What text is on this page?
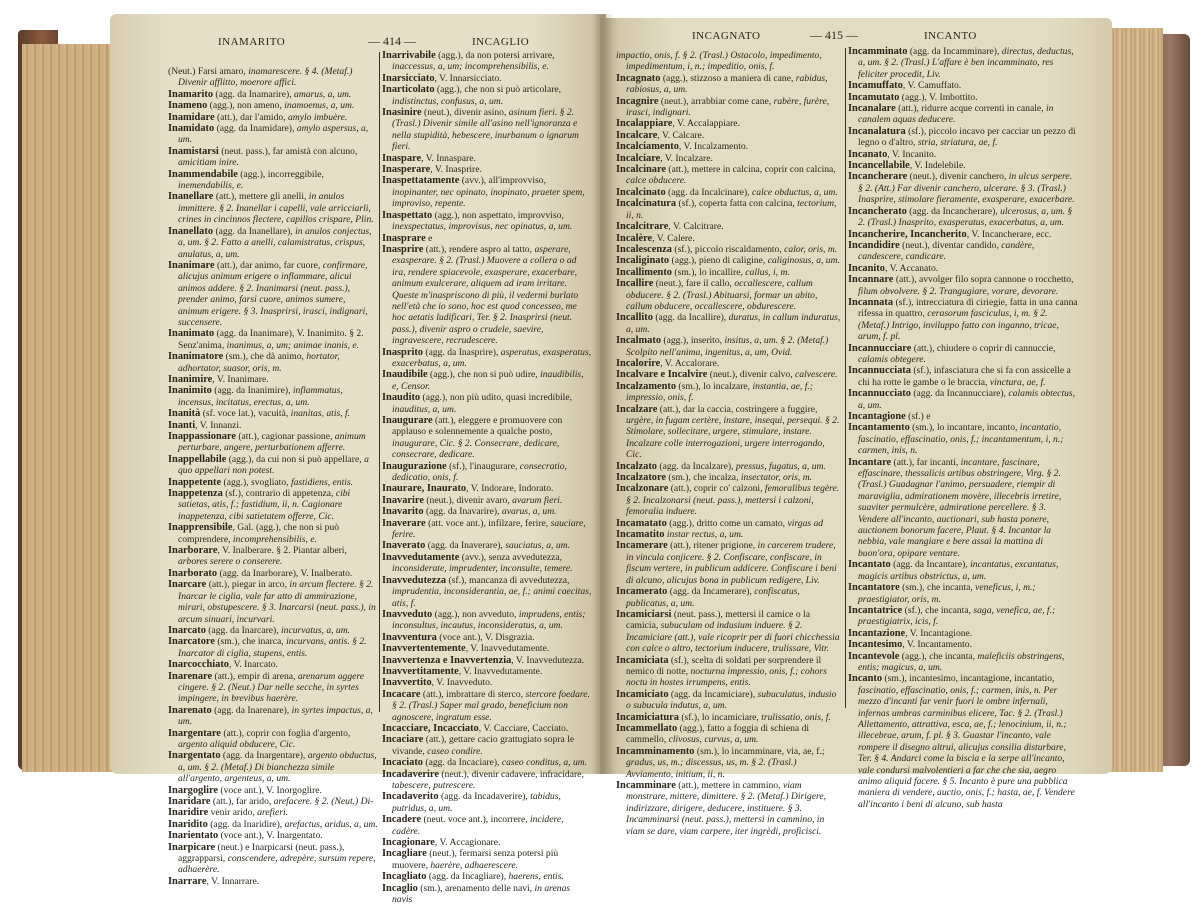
INAMARITO	— 414 —	INCAGLIO	INCAGNATO	— 415 —	INCANTO

(Neut.) Farsi amaro, inamarescere. § 4. (Metaf.) Divenir afflitto, moerore affici.

Inamarito (agg. da Inamarire), amarus, a, um.

Inameno (agg.), non ameno, inamoenus, a, um.

Inamidare (att.), dar l'amido, amylo imbuère.

Inamidato (agg. da Inamidare), amylo aspersus, a, um.

Inamistarsi (neut. pass.), far amistà con alcuno, amicitiam inire.

Inammendabile (agg.), incorreggibile, inemendabilis, e.

Inanellare (att.), mettere gli anelli, in anulos immittere. § 2. Inanellar i capelli, vale arricciarli, crines in cincinnos flectere, capillos crispare, Plin.

Inanellato (agg. da Inanellare), in anulos conjectus, a, um. § 2. Fatto a anelli, calamistratus, crispus, anulatus, a, um.

Inanimare (att.), dar animo, far cuore, confirmare, alicujus animum erigere o inflammare, alicui animos addere. § 2. Inanimarsi (neut. pass.), prender animo, farsi cuore, animos sumere, animum erigere. § 3. Inasprirsi, irasci, indignari, succensere.

Inanimato (agg. da Inanimare), V. Inanimito. § 2. Senz'anima, inanimus, a, um; animae inanis, e.

Inanimatore (sm.), che dà animo, hortator, adhortator, suasor, oris, m.

Inanimire, V. Inanimare.

Inanimito (agg. da Inanimire), inflammatus, incensus, incitatus, erectus, a, um.

Inanità (sf. voce lat.), vacuità, inanitas, atis, f.

Inanti, V. Innanzi.

Inappassionare (att.), cagionar passione, animum perturbare, angere, perturbationem afferre.

Inappellabile (agg.), da cui non si può appellare, a quo appellari non potest.

Inappetente (agg.), svogliato, fastidiens, entis.

Inappetenza (sf.), contrario di appetenza, cibi satietas, atis, f.; fastidium, ii, n. Cagionare inappetenza, cibi satietatem offerre, Cic.

Inapprensibile, Gal. (agg.), che non si può comprendere, incomprehensibilis, e.

Inarborare, V. Inalberare. § 2. Piantar alberi, arbores serere o conserere.

Inarborato (agg. da Inarborare), V. Inalberato.

Inarcare (att.), piegar in arco, in arcum flectere. § 2. Inarcar le ciglia, vale far atto di ammirazione, mirari, obstupescere. § 3. Inarcarsi (neut. pass.), in arcum sinuari, incurvari.

Inarcato (agg. da Inarcare), incurvatus, a, um.

Inarcatore (sm.), che inarca, incurvans, antis. § 2. Inarcator di ciglia, stupens, entis.

Inarcocchiato, V. Inarcato.

Inarenare (att.), empir di arena, arenarum aggere cingere. § 2. (Neut.) Dar nelle secche, in syrtes impingere, in brevibus haerère.

Inarenato (agg. da Inarenare), in syrtes impactus, a, um.

Inargentare (att.), coprir con foglia d'argento, argento aliquid obducere, Cic.

Inargentato (agg. da Inargentare), argento obductus, a, um. § 2. (Metaf.) Di bianchezza simile all'argento, argenteus, a, um.

Inargoglire (voce ant.), V. Inorgoglire.

Inaridare (att.), far arido, arefacere. § 2. (Neut.) Di-

Inaridire venir arido, arefieri.

Inaridito (agg. da Inaridire), arefactus, aridus, a, um.

Inarientato (voce ant.), V. Inargentato.

Inarpicare (neut.) e Inarpicarsi (neut. pass.), aggrapparsi, conscendere, adrepère, sursum repere, adhaerère.

Inarrare, V. Innarrare.

Inarrivabile (agg.), da non potersi arrivare, inaccessus, a, um; incomprehensibilis, e.

Inarsicciato, V. Innarsicciato.

Inarticolato (agg.), che non si può articolare, indistinctus, confusus, a, um.

Inasinire (neut.), divenir asino, asinum fieri. § 2. (Trasl.) Divenir simile all'asino nell'ignoranza e nella stupidità, hebescere, inurbanum o ignarum fieri.

Inaspare, V. Innaspare.

Inasperare, V. Inasprire.

Inaspettatamente (avv.), all'improvviso, inopinanter, nec opinato, inopinato, praeter spem, improviso, repente.

Inaspettato (agg.), non aspettato, improvviso, inexspectatus, improvisus, nec opinatus, a, um.

Inasprare e

Inasprire (att.), rendere aspro al tatto, asperare, exasperare. § 2. (Trasl.) Muovere a collera o ad ira, rendere spiacevole, exasperare, exacerbare, animum exulcerare, aliquem ad iram irritare. Queste m'inaspriscono di più, il vedermi burlato nell'età che io sono, hoc est quod concesseo, me hoc aetatis ludificari, Ter. § 2. Inasprirsi (neut. pass.), divenir aspro o crudele, saevire, ingravescere, recrudescere.

Inasprito (agg. da Inasprire), asperatus, exasperatus, exacerbatus, a, um.

Inaudibile (agg.), che non si può udire, inaudibilis, e, Censor.

Inaudito (agg.), non più udito, quasi incredibile, inauditus, a, um.

Inaugurare (att.), eleggere e promuovere con applauso e solennemente a qualche posto, inaugurare, Cic. § 2. Consecrare, dedicare, consecrare, dedicare.

Inaugurazione (sf.), l'inaugurare, consecratio, dedicatio, onis, f.

Inaurare, Inaurato, V. Indorare, Indorato.

Inavarire (neut.), divenir avaro, avarum fieri.

Inavarito (agg. da Inavarire), avarus, a, um.

Inaverare (att. voce ant.), infilzare, ferire, sauciare, ferire.

Inaverato (agg. da Inaverare), sauciatus, a, um.

Inavvedutamente (avv.), senza avvedutezza, inconsiderate, imprudenter, inconsulte, temere.

Inavvedutezza (sf.), mancanza di avvedutezza, imprudentia, inconsiderantia, ae, f.; animi caecitas, atis, f.

Inavveduto (agg.), non avveduto, imprudens, entis; inconsultus, incautus, inconsideratus, a, um.

Inavventura (voce ant.), V. Disgrazia.

Inavvertentemente, V. Inavvedutamente.

Inavvertenza e Inavvertenzia, V. Inavvedutezza.

Inavvertitamente, V. Inavvedutamente.

Inavvertito, V. Inavveduto.

Incacare (att.), imbrattare di sterco, stercore foedare. § 2. (Trasl.) Saper mal grado, beneficium non agnoscere, ingratum esse.

Incacciare, Incacciato, V. Cacciare, Cacciato.

Incaciare (att.), gettare cacio grattugiato sopra le vivande, caseo condire.

Incaciato (agg. da Incaciare), caseo conditus, a, um.

Incadaverire (neut.), divenir cadavere, infracidare, tabescere, putrescere.

Incadaverito (agg. da Incadaverire), tabidus, putridus, a, um.

Incadere (neut. voce ant.), incorrere, incidere, cadère.

Incagionare, V. Accagionare.

Incagliare (neut.), fermarsi senza potersi più muovere, haerère, adhaerescere.

Incagliato (agg. da Incagliare), haerens, entis.

Incaglio (sm.), arenamento delle navi, in arenas navis

impactio, onis, f. § 2. (Trasl.) Ostacolo, impedimento, impedimentum, i, n.; impeditio, onis, f.

Incagnato (agg.), stizzoso a maniera di cane, rabidus, rabiosus, a, um.

Incagnire (neut.), arrabbiar come cane, rabère, furère, irasci, indignari.

Incalappiare, V. Accalappiare.

Incalcare, V. Calcare.

Incalciamento, V. Incalzamento.

Incalciare, V. Incalzare.

Incalcinare (att.), mettere in calcina, coprir con calcina, calce obducere.

Incalcinato (agg. da Incalcinare), calce obductus, a, um.

Incalcinatura (sf.), coperta fatta con calcina, tectorium, ii, n.

Incalcitrare, V. Calcitrare.

Incalère, V. Calere.

Incalescenza (sf.), piccolo riscaldamento, calor, oris, m.

Incaliginato (agg.), pieno di caligine, caliginosus, a, um.

Incallimento (sm.), lo incallire, callus, i, m.

Incallire (neut.), fare il callo, occallescere, callum obducere. § 2. (Trasl.) Abituarsi, formar un abito, callum obducere, occallescere, obdurescere.

Incallito (agg. da Incallire), duratus, in callum induratus, a, um.

Incalmato (agg.), inserito, insitus, a, um. § 2. (Metaf.) Scolpito nell'anima, ingenitus, a, um, Ovid.

Incalorire, V. Accalorare.

Incalvare e Incalvire (neut.), divenir calvo, calvescere.

Incalzamento (sm.), lo incalzare, instantia, ae, f.; impressio, onis, f.

Incalzare (att.), dar la caccia, costringere a fuggire, urgère, in fugam certère, instare, insequi, persequi. § 2. Stimolare, sollecitare, urgere, stimulare, instare. Incalzare colle interrogazioni, urgere interrogando, Cic.

Incalzato (agg. da Incalzare), pressus, fugatus, a, um.

Incalzatore (sm.), che incalza, insectator, oris, m.

Incalzonare (att.), coprir co' calzoni, femoralibus tegère. § 2. Incalzonarsi (neut. pass.), mettersi i calzoni, femoralia induere.

Incamatato (agg.), dritto come un camato, virgas ad

Incamatito instar rectus, a, um.

Incamerare (att.), ritener prigione, in carcerem trudere, in vincula conjicere. § 2. Confiscare, confiscare, in fiscum vertere, in publicum addicere. Confiscare i beni di alcuno, alicujus bona in publicum redigere, Liv.

Incamerato (agg. da Incamerare), confiscatus, publicatus, a, um.

Incamiciarsi (neut. pass.), mettersi il camice o la camicia, subuculam od indusium induere. § 2. Incamiciare (att.), vale ricoprir per di fuori chicchessia con calce o altro, tectorium inducere, trulissare, Vitr.

Incamiciata (sf.), scelta di soldati per sorprendere il nemico di notte, nocturna impressio, onis, f.; cohors noctu in hostes irrumpens, entis.

Incamiciato (agg. da Incamiciare), subuculatus, indusio o subucula indutus, a, um.

Incamiciatura (sf.), lo incamiciare, trulissatio, onis, f.

Incammellato (agg.), fatto a foggia di schiena di cammello, clivosus, curvus, a, um.

Incamminamento (sm.), lo incamminare, via, ae, f.; gradus, us, m.; discessus, us, m. § 2. (Trasl.) Avviamento, initium, ii, n.

Incamminare (att.), mettere in cammino, viam monstrare, mittere, dimittere. § 2. (Metaf.) Dirigere, indirizzare, dirigere, deducere, instituere. § 3. Incamminarsi (neut. pass.), mettersi in cammino, in viam se dare, viam carpere, iter ingrèdi, proficisci.

Incamminato (agg. da Incamminare), directus, deductus, a, um. § 2. (Trasl.) L'affare è ben incamminato, res feliciter procedit, Liv.

Incamuffato, V. Camuffato.

Incamutato (agg.), V. Imbottito.

Incanalare (att.), ridurre acque correnti in canale, in canalem aquas deducere.

Incanalatura (sf.), piccolo incavo per cacciar un pezzo di legno o d'altro, stria, striatura, ae, f.

Incanato, V. Incanito.

Incancellabile, V. Indelebile.

Incancherare (neut.), divenir canchero, in ulcus serpere. § 2. (Att.) Far divenir canchero, ulcerare. § 3. (Trasl.) Inasprire, stimolare fieramente, exasperare, exacerbare.

Incancherato (agg. da Incancherare), ulcerosus, a, um. § 2. (Trasl.) Inasprito, exasperatus, exacerbatus, a, um.

Incancherire, Incancherito, V. Incancherare, ecc.

Incandidire (neut.), diventar candido, candère, candescere, candicare.

Incanito, V. Accanato.

Incannare (att.), avvolger filo sopra cannone o rocchetto, filum obvolvere. § 2. Trangugiare, vorare, devorare.

Incannata (sf.), intrecciatura di ciriegie, fatta in una canna rifessa in quattro, cerasorum fasciculus, i, m. § 2. (Metaf.) Intrigo, inviluppo fatto con inganno, tricae, arum, f. pl.

Incannucciare (att.), chiudere o coprir di cannuccie, calamis obtegere.

Incannucciata (sf.), infasciatura che si fa con assicelle a chi ha rotte le gambe o le braccia, vinctura, ae, f.

Incannucciato (agg. da Incannucciare), calamis obtectus, a, um.

Incantagione (sf.) e

Incantamento (sm.), lo incantare, incanto, incantatio, fascinatio, effascinatio, onis, f.; incantamentum, i, n.; carmen, inis, n.

Incantare (att.), far incanti, incantare, fascinare, effascinare, thessalicis artibus obstringere, Virg. § 2. (Trasl.) Guadagnar l'animo, persuadere, riempir di maraviglia, admirationem movère, illecebris irretire, suaviter permulcère, admiratione percellere. § 3. Vendere all'incanto, auctionari, sub hasta ponere, auctionem bonorum facere, Plaut. § 4. Incantar la nebbia, vale mangiare e bere assai la mattina di buon'ora, opipare ventare.

Incantato (agg. da Incantare), incantatus, excantatus, magicis artibus obstrictus, a, um.

Incantatore (sm.), che incanta, veneficus, i, m.; praestigiator, oris, m.

Incantatrice (sf.), che incanta, saga, venefica, ae, f.; praestigiatrix, icis, f.

Incantazione, V. Incantagione.

Incantesimo, V. Incantamento.

Incantevole (agg.), che incanta, maleficiis obstringens, entis; magicus, a, um.

Incanto (sm.), incantesimo, incantagione, incantatio, fascinatio, effascinatio, onis, f.; carmen, inis, n. Per mezzo d'incanti far venir fuori le ombre infernali, infernas umbras carminibus elicere, Tac. § 2. (Trasl.) Allettamento, attrattiva, esca, ae, f.; lenocinium, ii, n.; illecebrae, arum, f. pl. § 3. Guastar l'incanto, vale rompere il disegno altrui, alicujus consilia disturbare, Ter. § 4. Andarci come la biscia e la serpe all'incanto, vale condursi malvolentieri a far che che sia, aegro animo aliquid facere. § 5. Incanto è pure una pubblica maniera di vendere, auctio, onis, f.; hasta, ae, f. Vendere all'incanto i beni di alcuno, sub hasta
